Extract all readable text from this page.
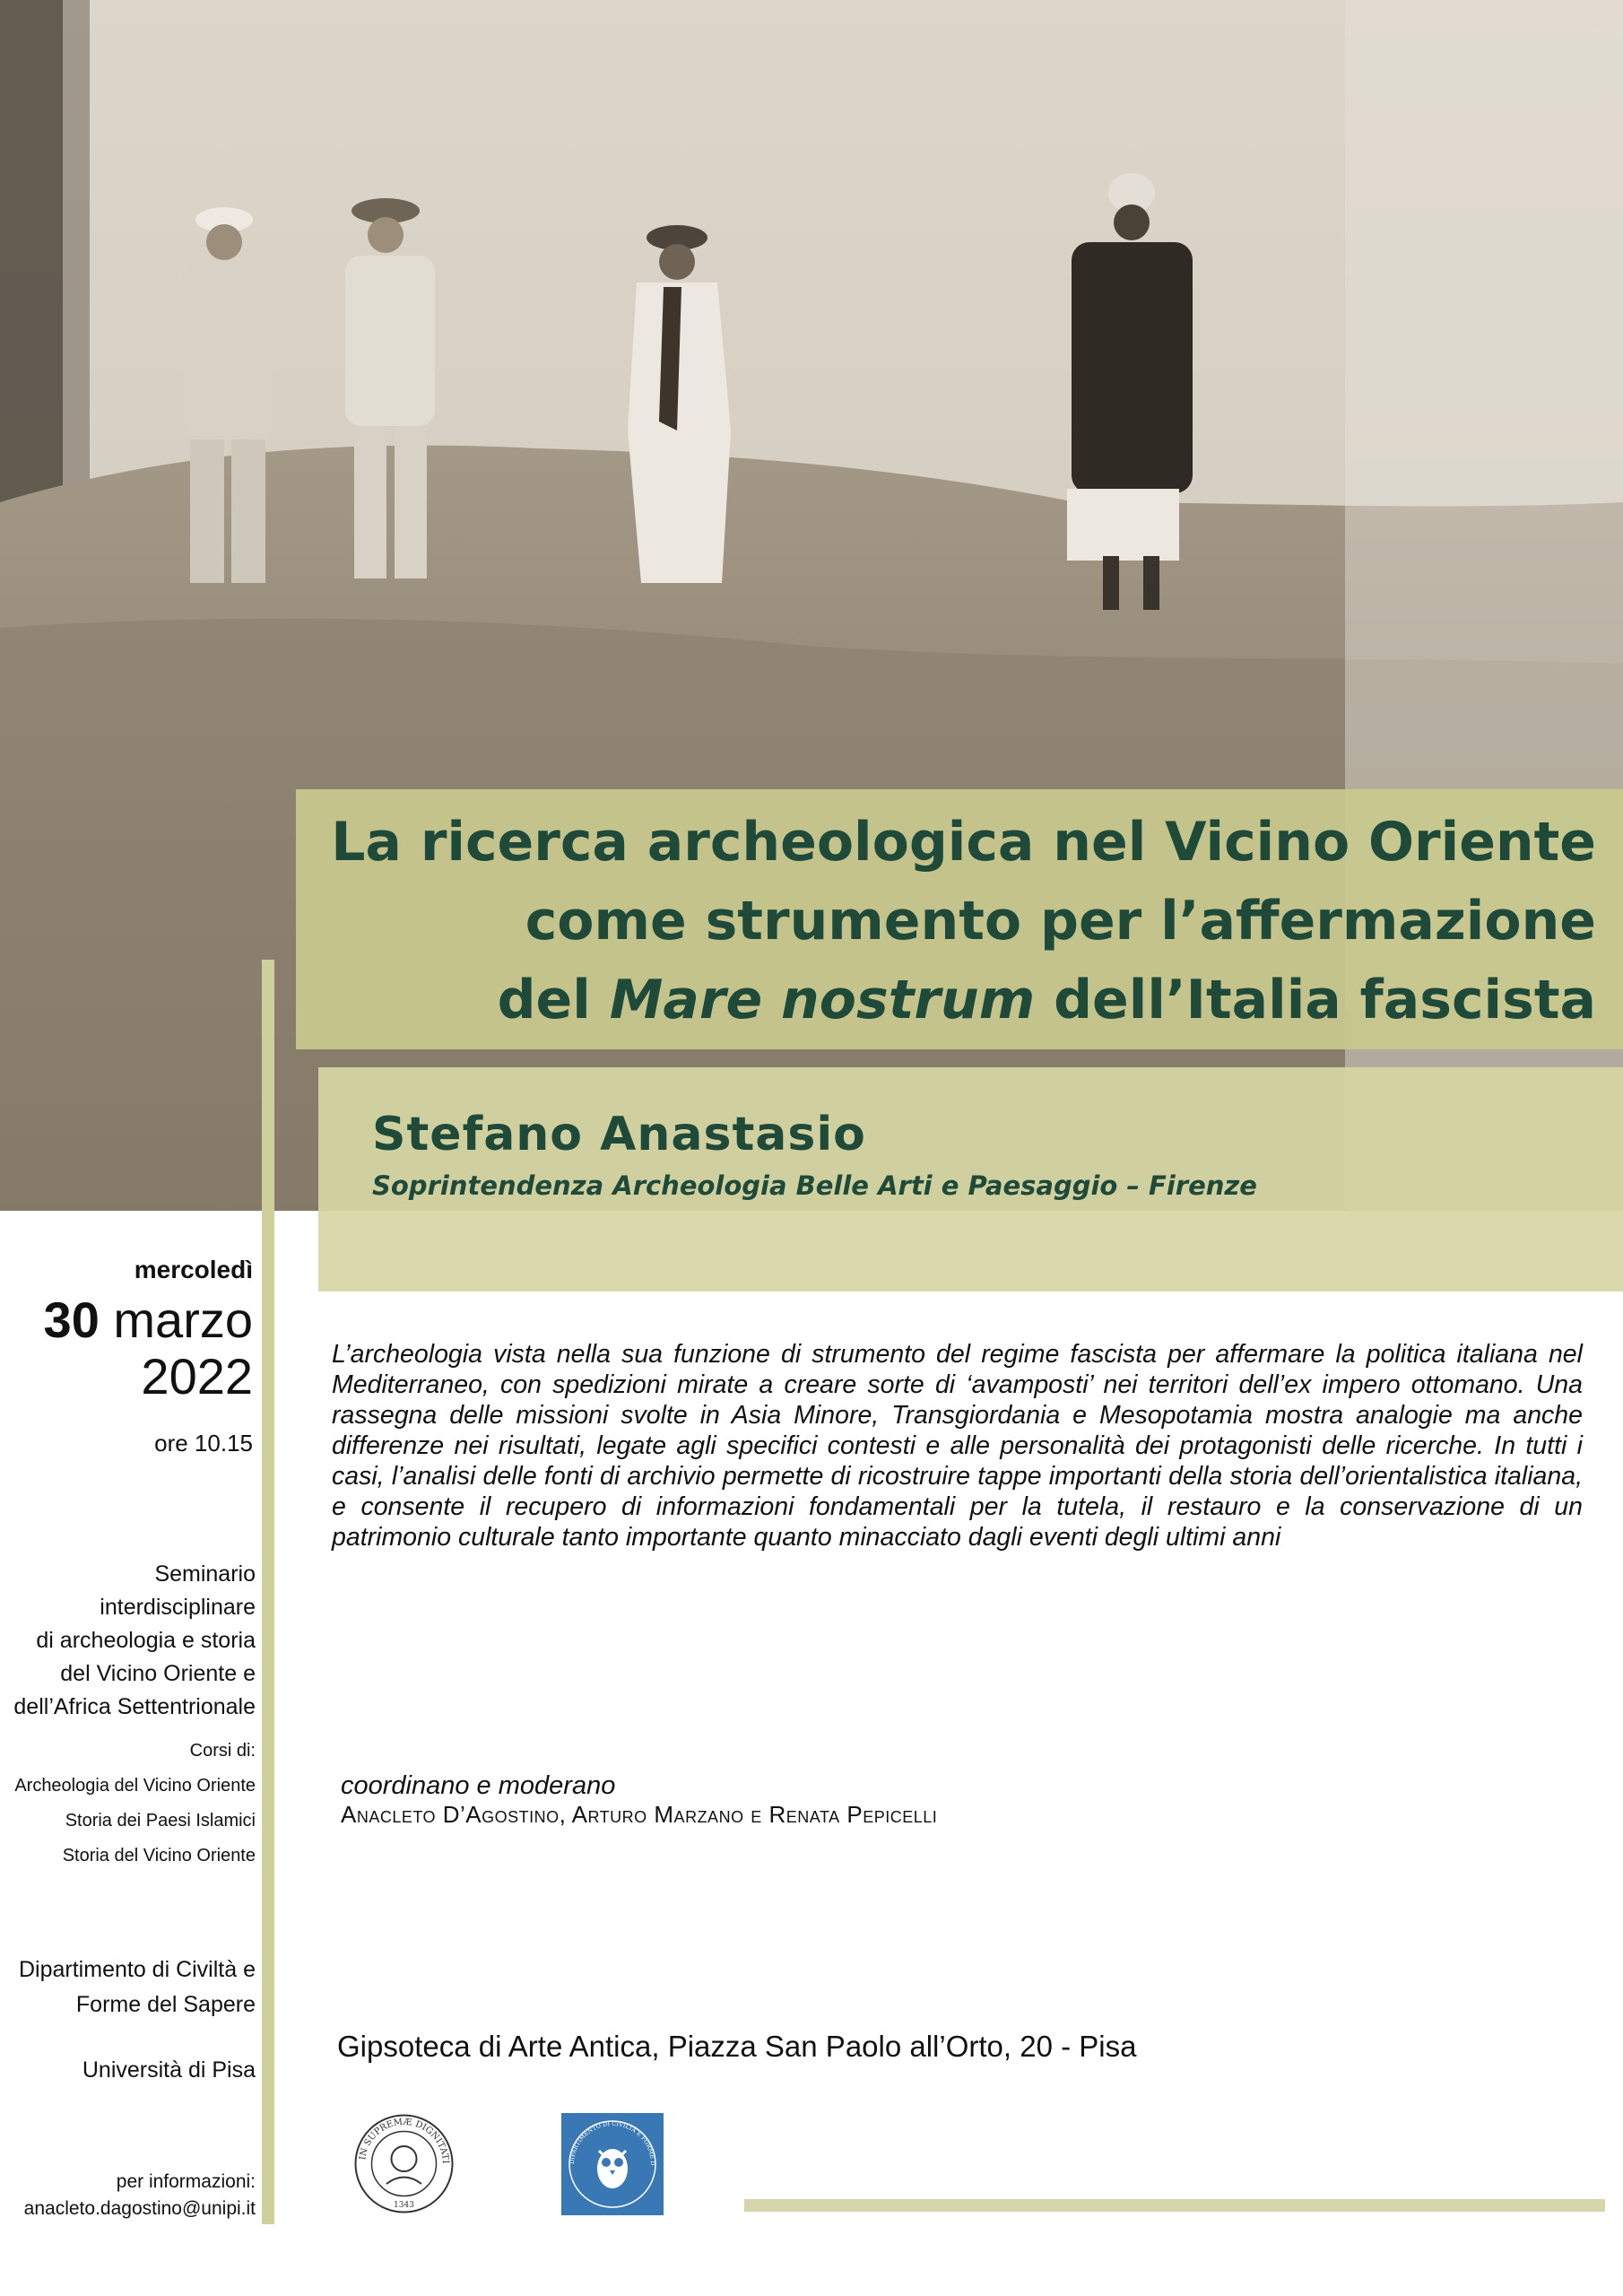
La ricerca archeologica nel Vicino Oriente
come strumento per l’affermazione
del Mare nostrum dell’Italia fascista
Stefano Anastasio
Soprintendenza Archeologia Belle Arti e Paesaggio – Firenze
mercoledì
30 marzo
2022
ore 10.15
Seminario interdisciplinare
di archeologia e storia
del Vicino Oriente e
dell’Africa Settentrionale
Corsi di:
Archeologia del Vicino Oriente
Storia dei Paesi Islamici
Storia del Vicino Oriente
Dipartimento di Civiltà e
Forme del Sapere
Università di Pisa
per informazioni:
anacleto.dagostino@unipi.it
L’archeologia vista nella sua funzione di strumento del regime fascista per affermare la politica italiana nel Mediterraneo, con spedizioni mirate a creare sorte di ‘avamposti’ nei territori dell’ex impero ottomano. Una rassegna delle missioni svolte in Asia Minore, Transgiordania e Mesopotamia mostra analogie ma anche differenze nei risultati, legate agli specifici contesti e alle personalità dei protagonisti delle ricerche. In tutti i casi, l’analisi delle fonti di archivio permette di ricostruire tappe importanti della storia dell’orientalistica italiana, e consente il recupero di informazioni fondamentali per la tutela, il restauro e la conservazione di un patrimonio culturale tanto importante quanto minacciato dagli eventi degli ultimi anni
coordinano e moderano
Anacleto D’Agostino, Arturo Marzano e Renata Pepicelli
Gipsoteca di Arte Antica, Piazza San Paolo all’Orto, 20 - Pisa
IN SUPREMÆ DIGNITATI
1343
DIPARTIMENTO DI CIVILTÀ E FORME D
